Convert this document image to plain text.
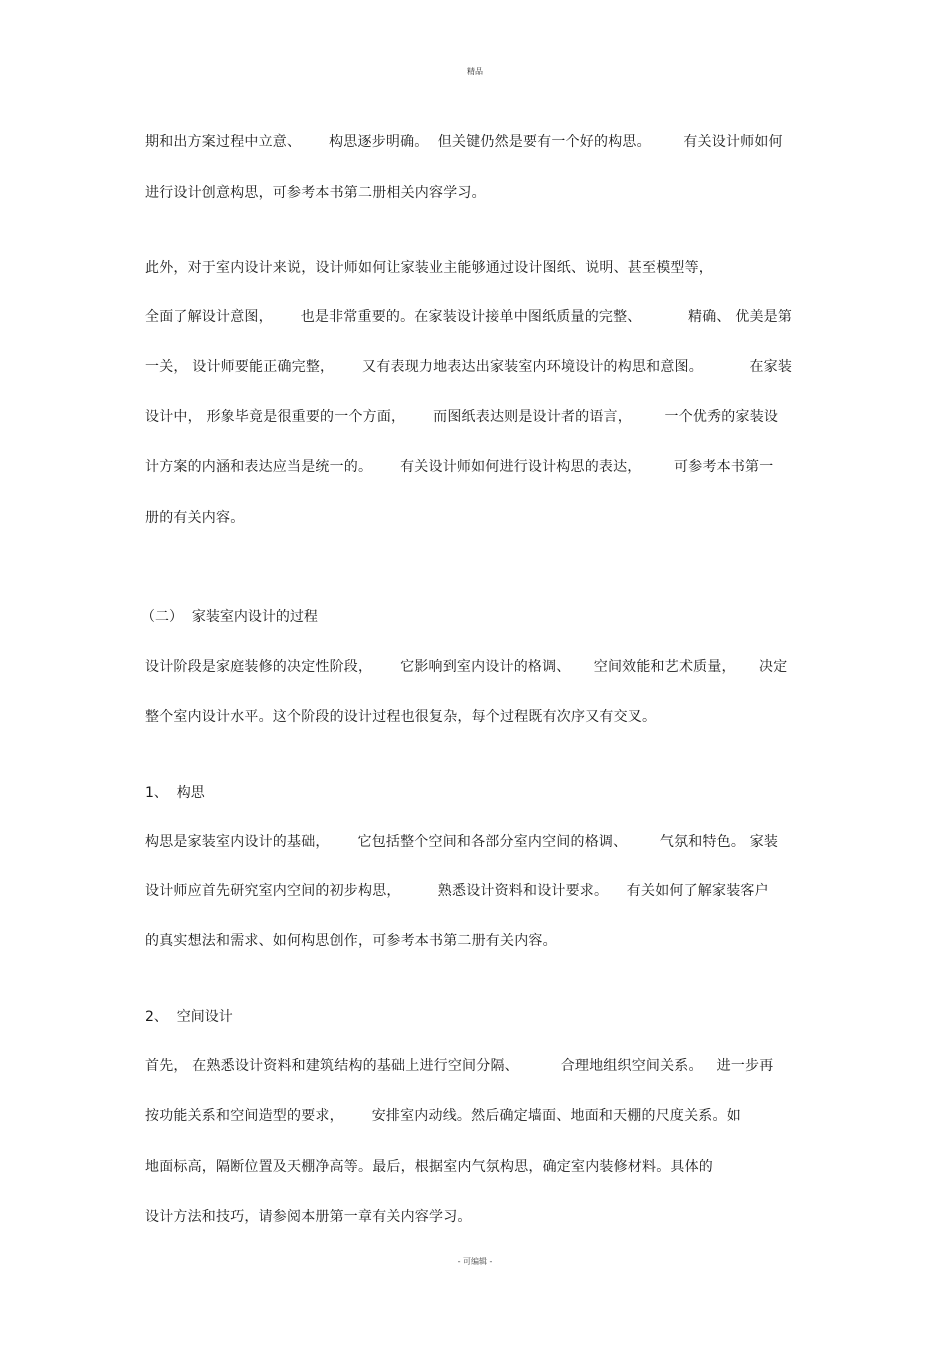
精品
期和出方案过程中立意、      构思逐步明确。  但关键仍然是要有一个好的构思。       有关设计师如何
进行设计创意构思，可参考本书第二册相关内容学习。
此外，对于室内设计来说，设计师如何让家装业主能够通过设计图纸、说明、甚至模型等，
全面了解设计意图，      也是非常重要的。在家装设计接单中图纸质量的完整、          精确、 优美是第
一关， 设计师要能正确完整，      又有表现力地表达出家装室内环境设计的构思和意图。          在家装
设计中， 形象毕竟是很重要的一个方面，      而图纸表达则是设计者的语言，       一个优秀的家装设
计方案的内涵和表达应当是统一的。      有关设计师如何进行设计构思的表达，       可参考本书第一
册的有关内容。
（二）  家装室内设计的过程
设计阶段是家庭装修的决定性阶段，      它影响到室内设计的格调、     空间效能和艺术质量，     决定
整个室内设计水平。这个阶段的设计过程也很复杂，每个过程既有次序又有交叉。
1、  构思
构思是家装室内设计的基础，      它包括整个空间和各部分室内空间的格调、       气氛和特色。 家装
设计师应首先研究室内空间的初步构思，        熟悉设计资料和设计要求。    有关如何了解家装客户
的真实想法和需求、如何构思创作，可参考本书第二册有关内容。
2、  空间设计
首先， 在熟悉设计资料和建筑结构的基础上进行空间分隔、         合理地组织空间关系。   进一步再
按功能关系和空间造型的要求，      安排室内动线。然后确定墙面、地面和天棚的尺度关系。如
地面标高，隔断位置及天棚净高等。最后，根据室内气氛构思，确定室内装修材料。具体的
设计方法和技巧，请参阅本册第一章有关内容学习。
- 可编辑 -
